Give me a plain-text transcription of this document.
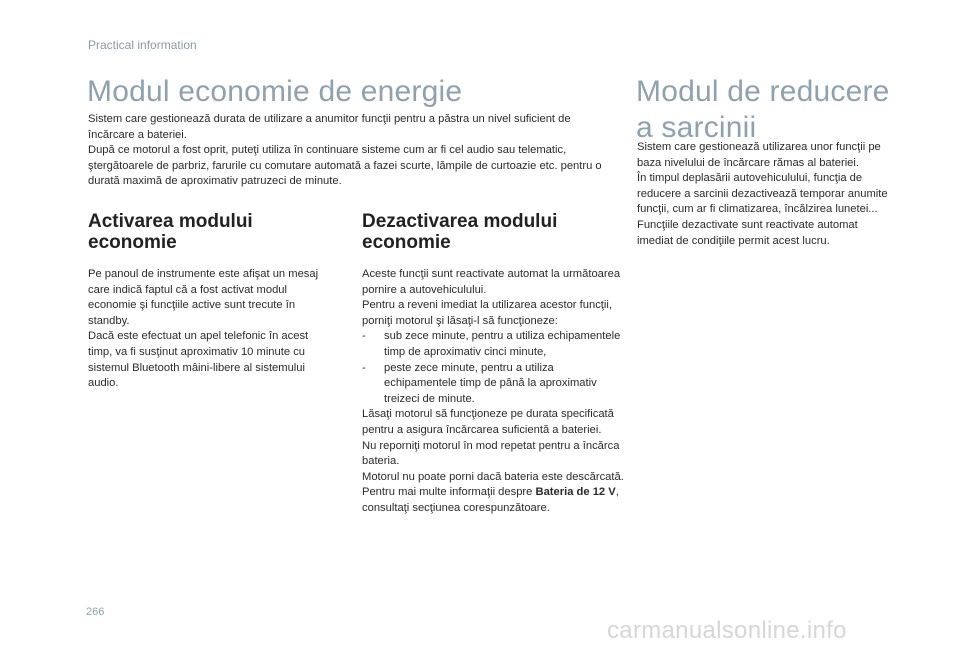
Practical information
Modul economie de energie

Sistem care gestionează durata de utilizare a anumitor funcţii pentru a păstra un nivel suficient de încărcare a bateriei.

După ce motorul a fost oprit, puteţi utiliza în continuare sisteme cum ar fi cel audio sau telematic, ştergătoarele de parbriz, farurile cu comutare automată a fazei scurte, lămpile de curtoazie etc. pentru o durată maximă de aproximativ patruzeci de minute.

Activarea modului economie

Pe panoul de instrumente este afişat un mesaj care indică faptul că a fost activat modul economie şi funcţiile active sunt trecute în standby.

Dacă este efectuat un apel telefonic în acest timp, va fi susţinut aproximativ 10 minute cu sistemul Bluetooth mâini-libere al sistemului audio.

Dezactivarea modului economie

Aceste funcţii sunt reactivate automat la următoarea pornire a autovehiculului.

Pentru a reveni imediat la utilizarea acestor funcţii, porniţi motorul şi lăsaţi-l să funcţioneze:

- sub zece minute, pentru a utiliza echipamentele timp de aproximativ cinci minute,
- peste zece minute, pentru a utiliza echipamentele timp de până la aproximativ treizeci de minute.

Lăsaţi motorul să funcţioneze pe durata specificată pentru a asigura încărcarea suficientă a bateriei.

Nu reporniţi motorul în mod repetat pentru a încărca bateria.

Motorul nu poate porni dacă bateria este descărcată.

Pentru mai multe informaţii despre Bateria de 12 V, consultaţi secţiunea corespunzătoare.

Modul de reducere
a sarcinii

Sistem care gestionează utilizarea unor funcţii pe baza nivelului de încărcare rămas al bateriei.

În timpul deplasării autovehiculului, funcţia de reducere a sarcinii dezactivează temporar anumite funcţii, cum ar fi climatizarea, încălzirea lunetei...

Funcţiile dezactivate sunt reactivate automat imediat de condiţiile permit acest lucru.

266
carmanualsonline.info
